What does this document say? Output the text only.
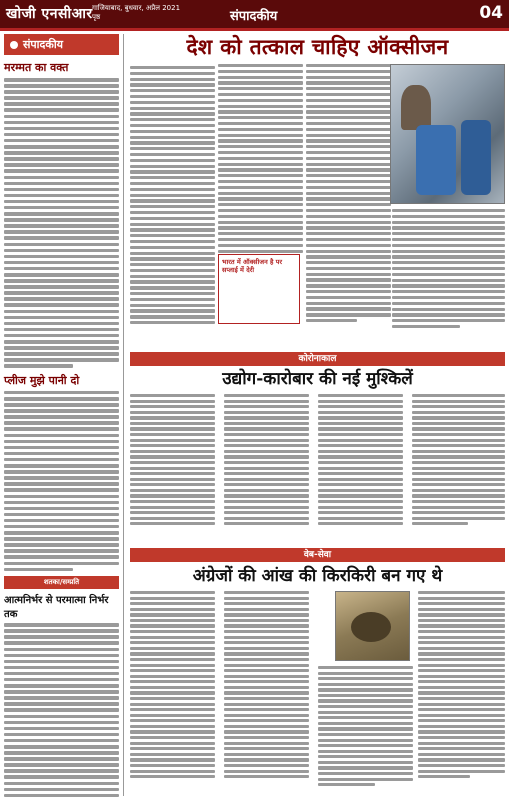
खोजी एनसीआर गाजियाबाद, बुधवार, अप्रैल 2021
पृष्ठ	संपादकीय	04
संपादकीय
मरम्मत का वक्त
प्लीज मुझे पानी दो
शतका/सम्प्रति
आत्मनिर्भर से परमात्मा निर्भर तक
देश को तत्काल चाहिए ऑक्सीजन
भारत में ऑक्सीजन है पर सप्लाई में देरी
कोरोनाकाल
उद्योग-कारोबार की नई मुश्किलें
वेब-सेवा
अंग्रेजों की आंख की किरकिरी बन गए थे
